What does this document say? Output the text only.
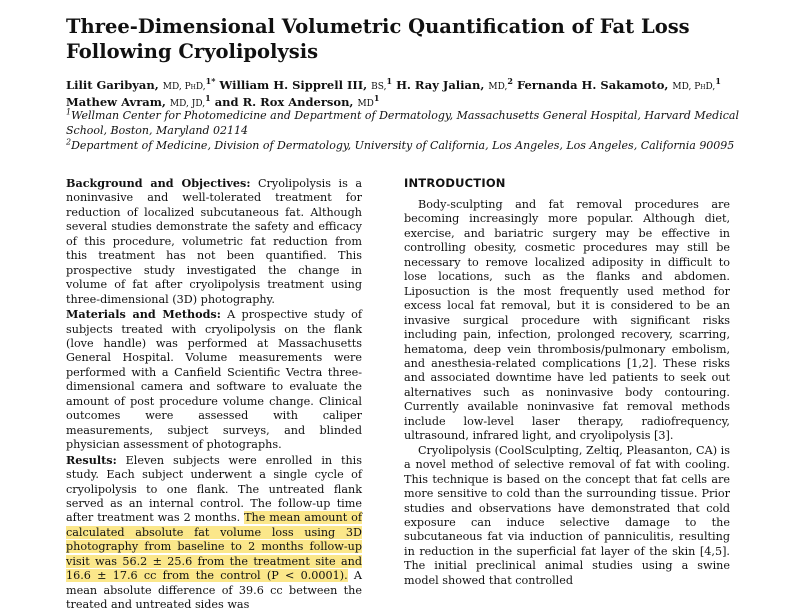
Three-Dimensional Volumetric Quantification of Fat Loss Following Cryolipolysis
Lilit Garibyan, MD, PhD,$^{1*}$ William H. Sipprell III, BS,$^1$ H. Ray Jalian, MD,$^2$ Fernanda H. Sakamoto, MD, PhD,$^1$
Mathew Avram, MD, JD,$^1$ and R. Rox Anderson, $MD^1$
$^1$Wellman Center for Photomedicine and Department of Dermatology, Massachusetts General Hospital, Harvard Medical School, Boston, Maryland 02114
$^2$Department of Medicine, Division of Dermatology, University of California, Los Angeles, Los Angeles, California 90095

Background and Objectives: Cryolipolysis is a noninvasive and well-tolerated treatment for reduction of localized subcutaneous fat. Although several studies demonstrate the safety and efficacy of this procedure, volumetric fat reduction from this treatment has not been quantified. This prospective study investigated the change in volume of fat after cryolipolysis treatment using three-dimensional (3D) photography.

Materials and Methods: A prospective study of subjects treated with cryolipolysis on the flank (love handle) was performed at Massachusetts General Hospital. Volume measurements were performed with a Canfield Scientific Vectra three-dimensional camera and software to evaluate the amount of post procedure volume change. Clinical outcomes were assessed with caliper measurements, subject surveys, and blinded physician assessment of photographs.

Results: Eleven subjects were enrolled in this study. Each subject underwent a single cycle of cryolipolysis to one flank. The untreated flank served as an internal control. The follow-up time after treatment was 2 months. The mean amount of calculated absolute fat volume loss using 3D photography from baseline to 2 months follow-up visit was 56.2 ± 25.6 from the treatment site and 16.6 ± 17.6 cc from the control (P < 0.0001). A mean absolute difference of 39.6 cc between the treated and untreated sides was

INTRODUCTION

Body-sculpting and fat removal procedures are becoming increasingly more popular. Although diet, exercise, and bariatric surgery may be effective in controlling obesity, cosmetic procedures may still be necessary to remove localized adiposity in difficult to lose locations, such as the flanks and abdomen. Liposuction is the most frequently used method for excess local fat removal, but it is considered to be an invasive surgical procedure with significant risks including pain, infection, prolonged recovery, scarring, hematoma, deep vein thrombosis/pulmonary embolism, and anesthesia-related complications [1,2]. These risks and associated downtime have led patients to seek out alternatives such as noninvasive body contouring. Currently available noninvasive fat removal methods include low-level laser therapy, radiofrequency, ultrasound, infrared light, and cryolipolysis [3].

Cryolipolysis (CoolSculpting, Zeltiq, Pleasanton, CA) is a novel method of selective removal of fat with cooling. This technique is based on the concept that fat cells are more sensitive to cold than the surrounding tissue. Prior studies and observations have demonstrated that cold exposure can induce selective damage to the subcutaneous fat via induction of panniculitis, resulting in reduction in the superficial fat layer of the skin [4,5]. The initial preclinical animal studies using a swine model showed that controlled
